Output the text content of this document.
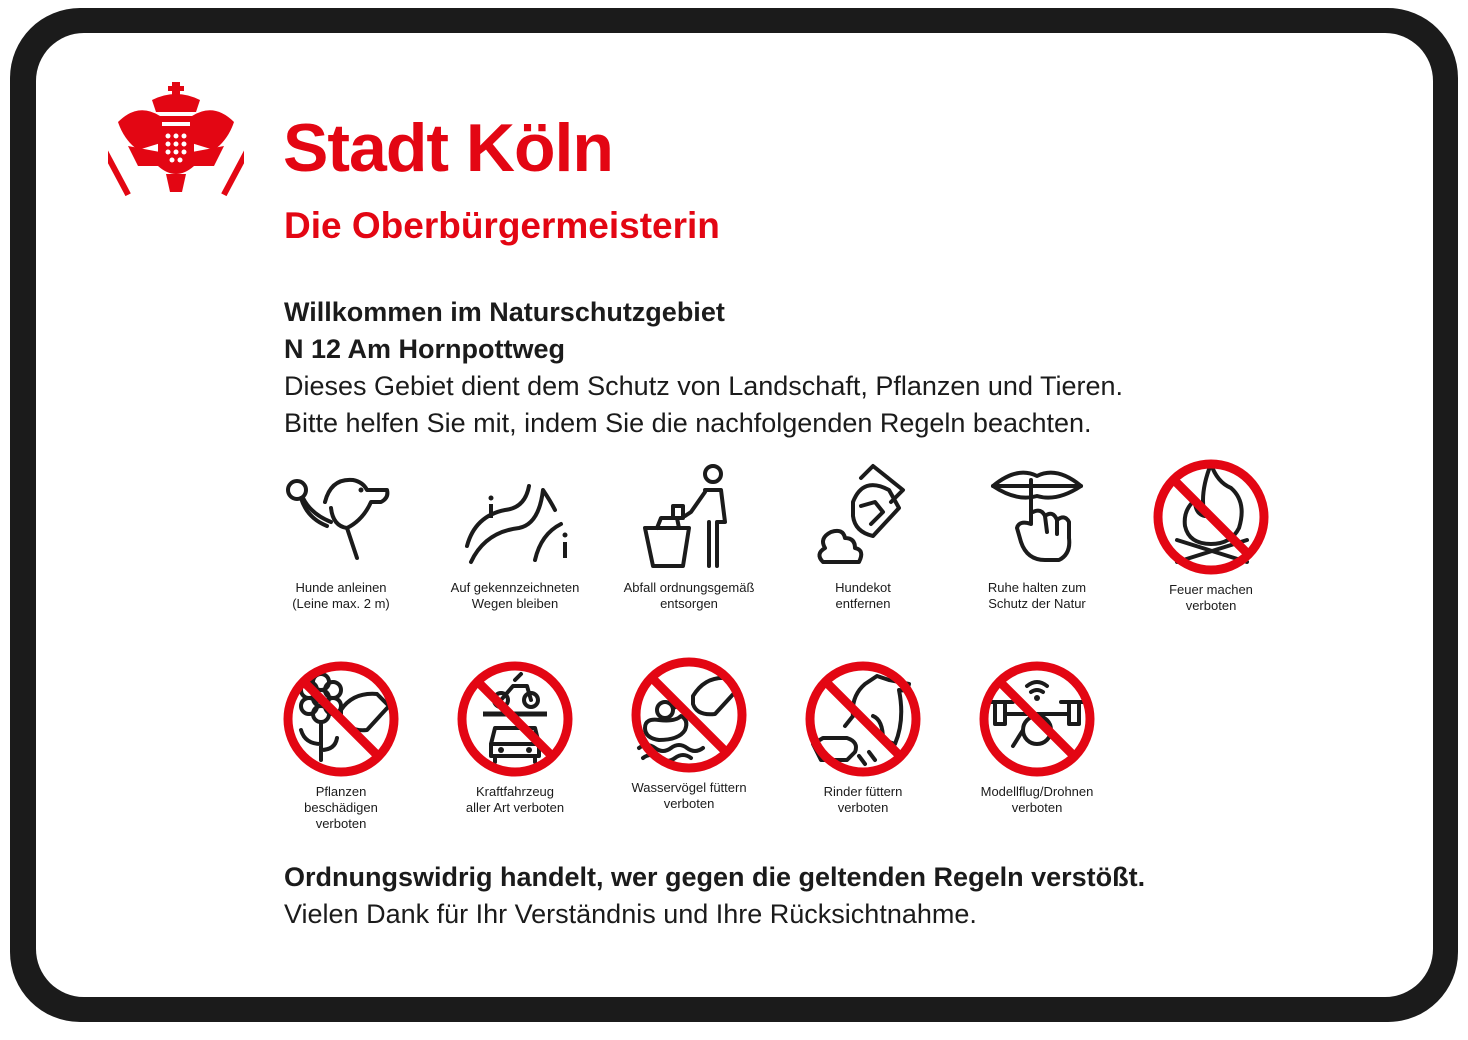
Stadt Köln
Die Oberbürgermeisterin
Willkommen im Naturschutzgebiet
N 12 Am Hornpottweg
Dieses Gebiet dient dem Schutz von Landschaft, Pflanzen und Tieren.
Bitte helfen Sie mit, indem Sie die nachfolgenden Regeln beachten.
Hunde anleinen
(Leine max. 2 m)
Auf gekennzeichneten
Wegen bleiben
Abfall ordnungsgemäß
entsorgen
Hundekot
entfernen
Ruhe halten zum
Schutz der Natur
Feuer machen
verboten
Pflanzen
beschädigen
verboten
Kraftfahrzeug
aller Art verboten
Wasservögel füttern
verboten
Rinder füttern
verboten
Modellflug/Drohnen
verboten
Ordnungswidrig handelt, wer gegen die geltenden Regeln verstößt.
Vielen Dank für Ihr Verständnis und Ihre Rücksichtnahme.
